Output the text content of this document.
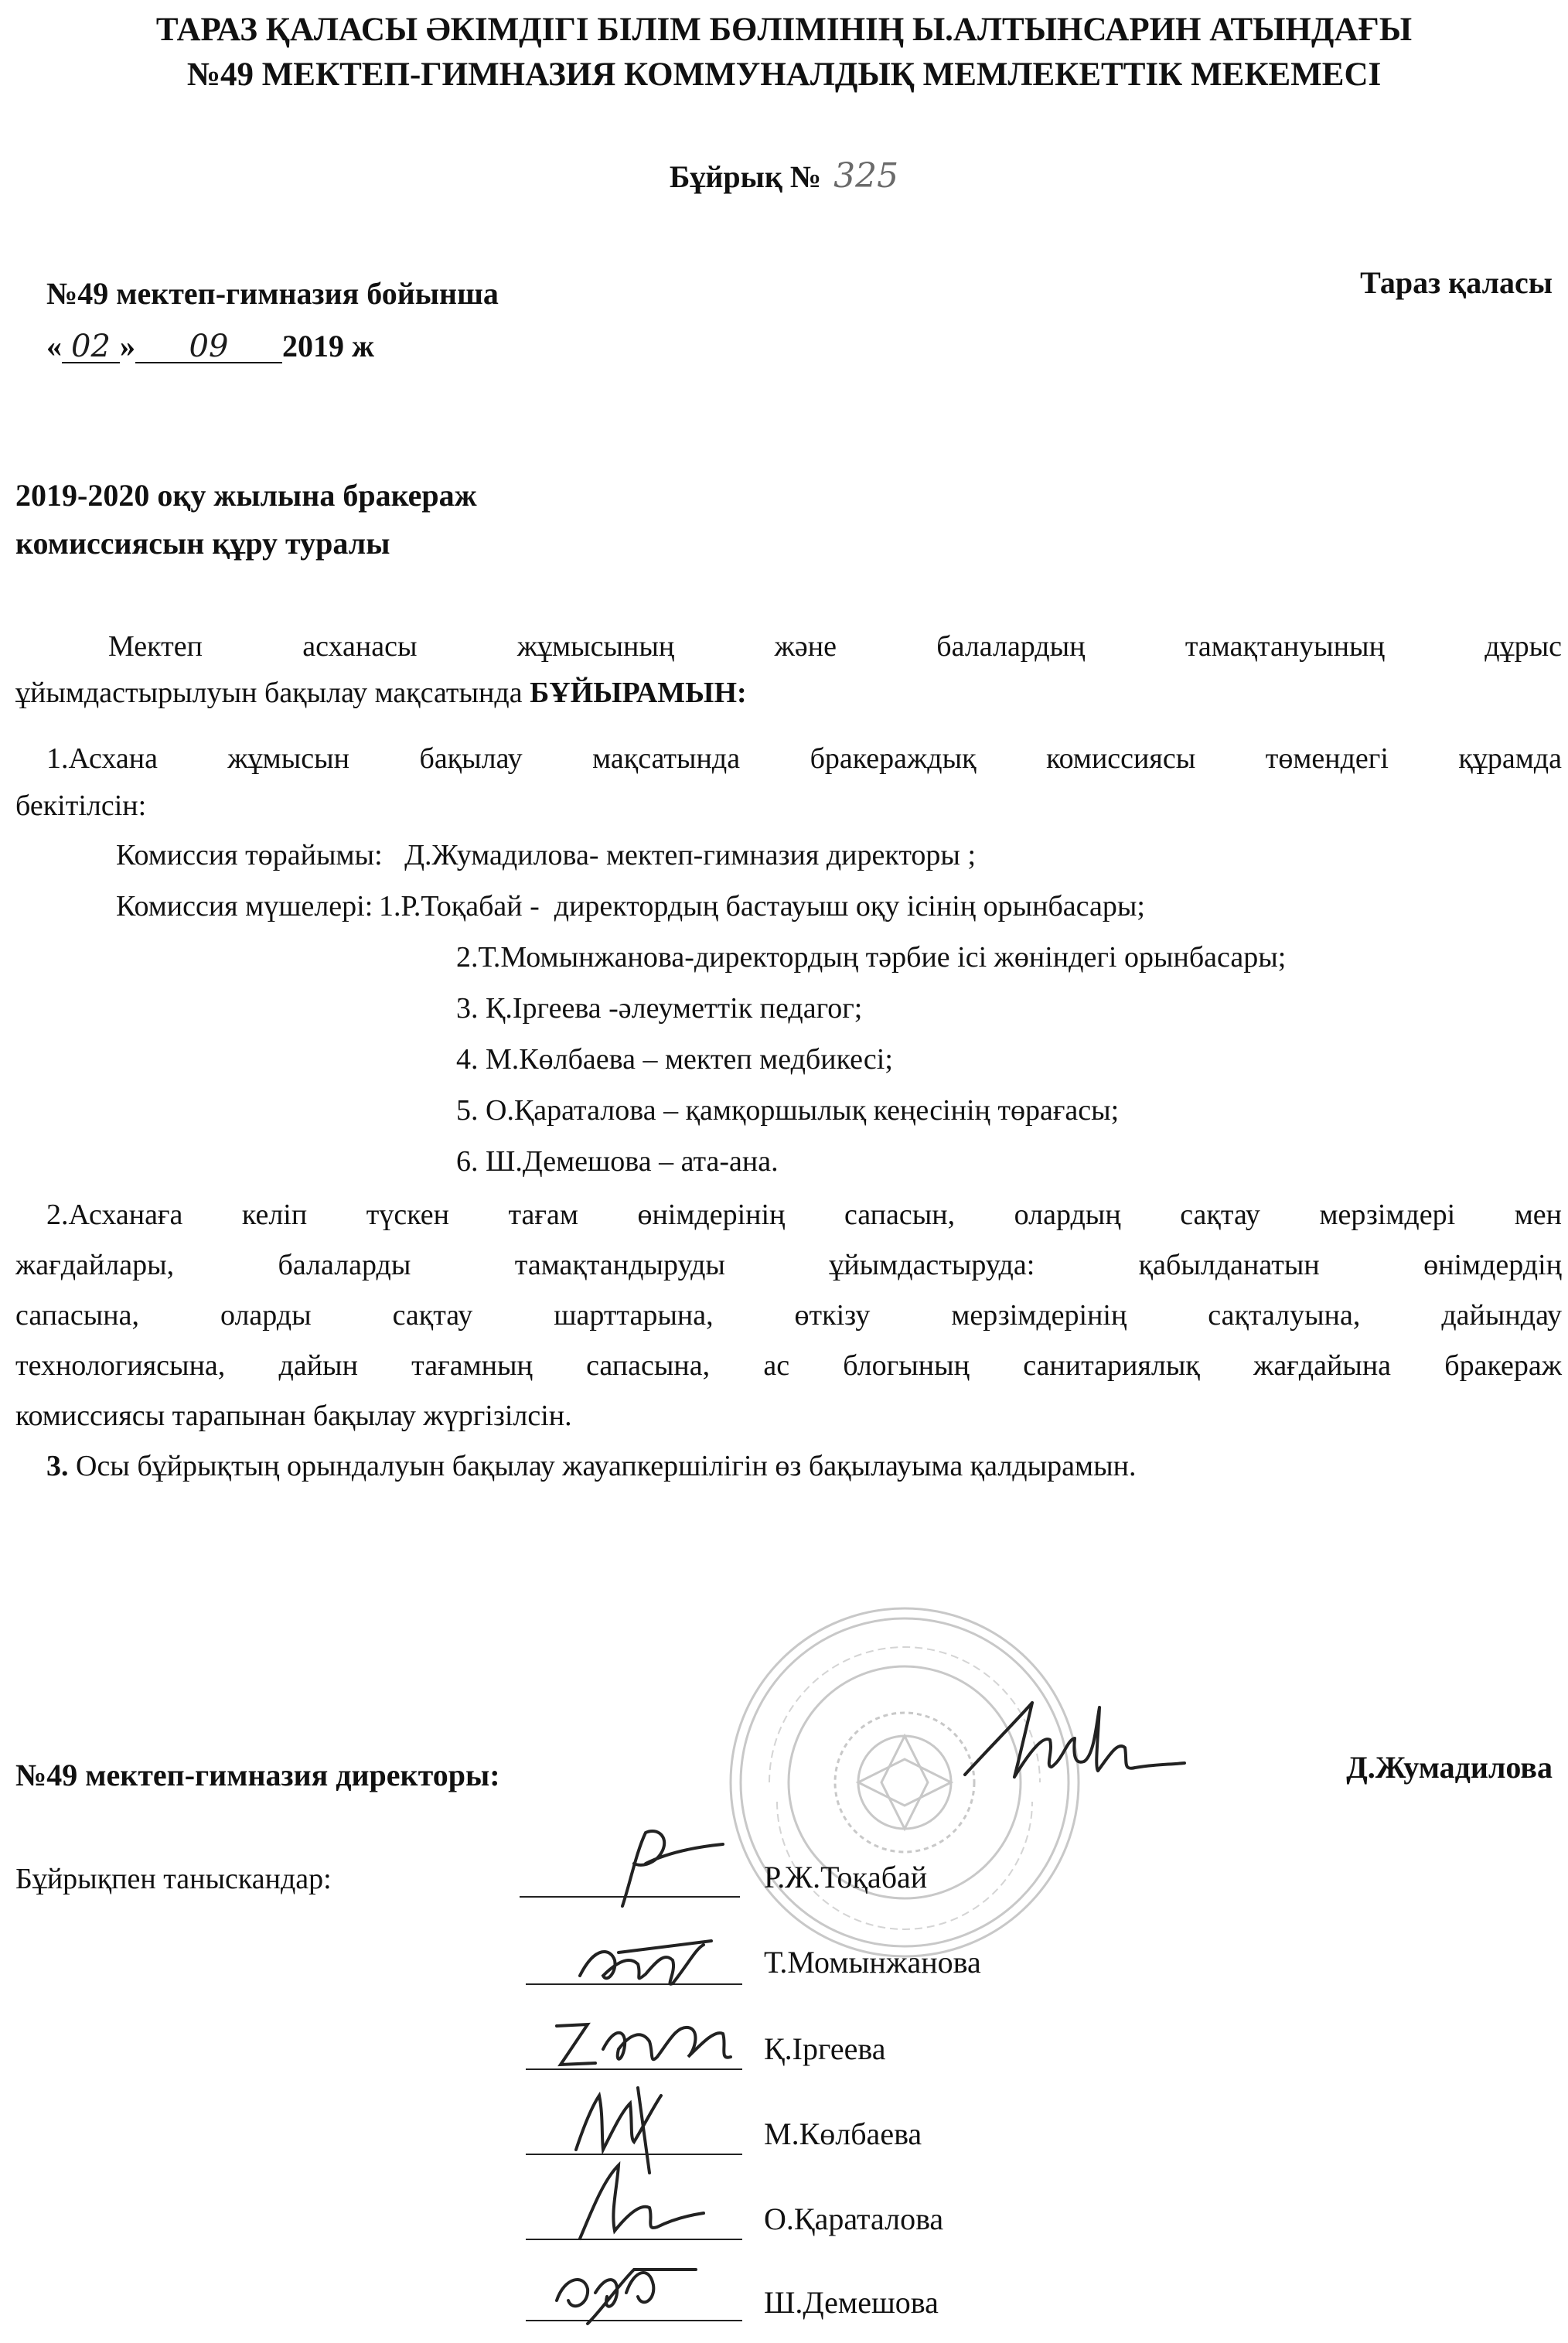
ТАРАЗ ҚАЛАСЫ ӘКІМДІГІ БІЛІМ БӨЛІМІНІҢ Ы.АЛТЫНСАРИН АТЫНДАҒЫ
№49 МЕКТЕП-ГИМНАЗИЯ КОММУНАЛДЫҚ МЕМЛЕКЕТТІК МЕКЕМЕСІ
Бұйрық № 325
№49 мектеп-гимназия бойынша	Тараз қаласы
« 02 » 09 2019 ж
2019-2020 оқу жылына бракераж
комиссиясын құру туралы
Мектеп	асханасы	жұмысының	және	балалардың	тамақтануының	дұрыс
ұйымдастырылуын бақылау мақсатында БҰЙЫРАМЫН:
1.Асхана жұмысын бақылау мақсатында бракераждық комиссиясы төмендегі құрамда
бекітілсін:
Комиссия төрайымы:   Д.Жумадилова- мектеп-гимназия директоры ;
Комиссия мүшелері: 1.Р.Тоқабай -  директордың бастауыш оқу ісінің орынбасары;
2.Т.Момынжанова-директордың тәрбие ісі жөніндегі орынбасары;
3. Қ.Іргеева -әлеуметтік педагог;
4. М.Көлбаева – мектеп медбикесі;
5. О.Қараталова – қамқоршылық кеңесінің төрағасы;
6. Ш.Демешова – ата-ана.
2.Асханаға келіп түскен тағам өнімдерінің сапасын, олардың сақтау мерзімдері мен
жағдайлары, балаларды тамақтандыруды ұйымдастыруда: қабылданатын өнімдердің
сапасына, оларды сақтау шарттарына, өткізу мерзімдерінің сақталуына, дайындау
технологиясына, дайын тағамның сапасына, ас блогының санитариялық жағдайына бракераж
комиссиясы тарапынан бақылау жүргізілсін.
3. Осы бұйрықтың орындалуын бақылау жауапкершілігін өз бақылауыма қалдырамын.
№49 мектеп-гимназия директоры:	Д.Жумадилова
Бұйрықпен таныскандар:	Р.Ж.Тоқабай
Т.Момынжанова
Қ.Іргеева
М.Көлбаева
О.Қараталова
Ш.Демешова
